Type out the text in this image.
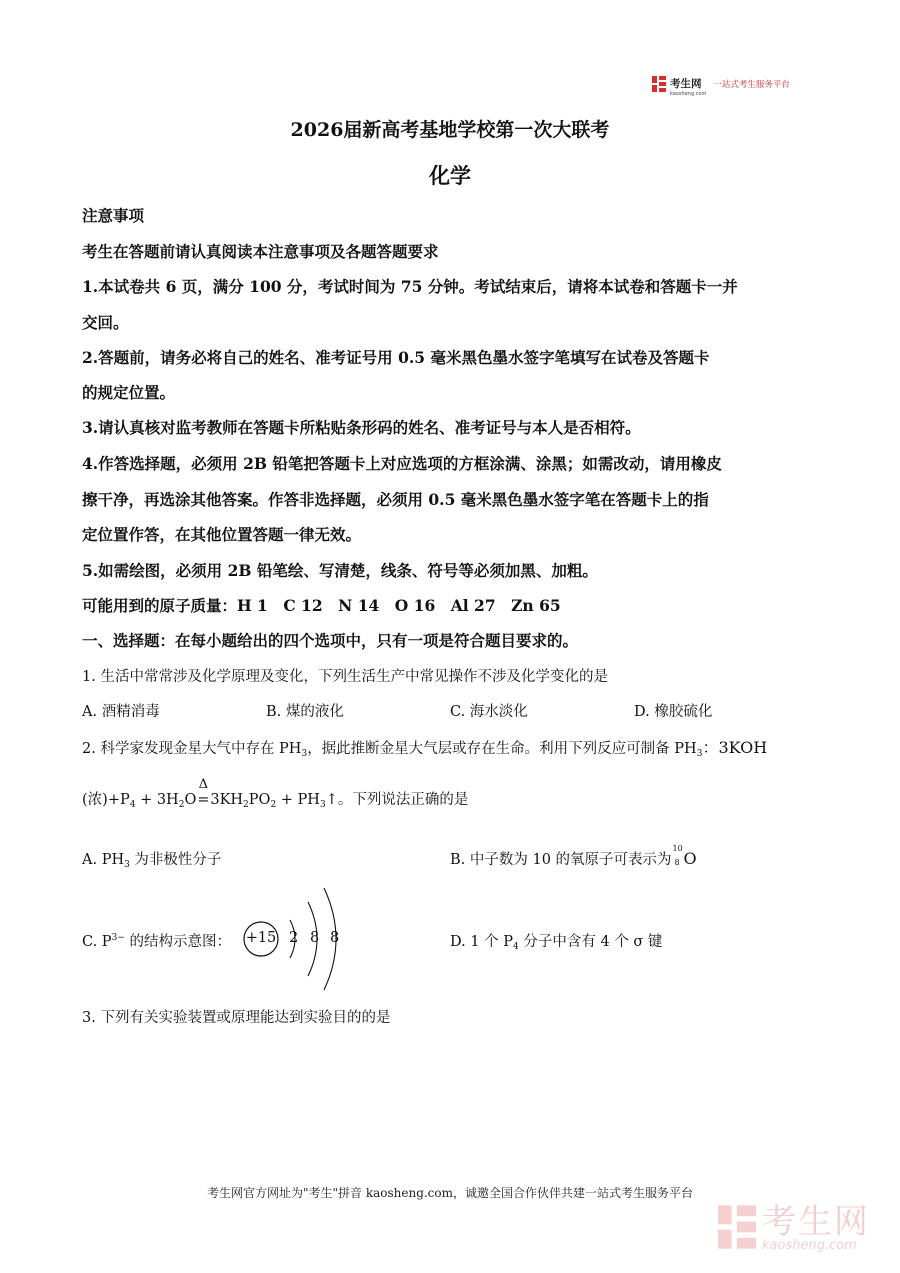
考生网
kaosheng.com
一站式考生服务平台
2026届新高考基地学校第一次大联考
化学
注意事项
考生在答题前请认真阅读本注意事项及各题答题要求
1.本试卷共 6 页，满分 100 分，考试时间为 75 分钟。考试结束后，请将本试卷和答题卡一并
交回。
2.答题前，请务必将自己的姓名、准考证号用 0.5 毫米黑色墨水签字笔填写在试卷及答题卡
的规定位置。
3.请认真核对监考教师在答题卡所粘贴条形码的姓名、准考证号与本人是否相符。
4.作答选择题，必须用 2B 铅笔把答题卡上对应选项的方框涂满、涂黑；如需改动，请用橡皮
擦干净，再选涂其他答案。作答非选择题，必须用 0.5 毫米黑色墨水签字笔在答题卡上的指
定位置作答，在其他位置答题一律无效。
5.如需绘图，必须用 2B 铅笔绘、写清楚，线条、符号等必须加黑、加粗。
可能用到的原子质量：H 1　C 12　N 14　O 16　Al 27　Zn 65
一、选择题：在每小题给出的四个选项中，只有一项是符合题目要求的。
1. 生活中常常涉及化学原理及变化，下列生活生产中常见操作不涉及化学变化的是
A. 酒精消毒	B. 煤的液化	C. 海水淡化	D. 橡胶硫化
2. 科学家发现金星大气中存在 $PH_3$，据此推断金星大气层或存在生命。利用下列反应可制备 $PH_3$：3KOH
(浓)$+P_4 + 3H_2O$
Δ
$=3KH_2PO_2$ + $PH_3↑$。下列说法正确的是
A. $PH_3$ 为非极性分子	B. 中子数为 10 的氧原子可表示为
10
8 O
C. $P^{3-}$ 的结构示意图： +15 2 8 8	D. 1 个 $P_4$ 分子中含有 4 个 σ 键
3. 下列有关实验装置或原理能达到实验目的的是
考生网官方网址为"考生"拼音 kaosheng.com，诚邀全国合作伙伴共建一站式考生服务平台
考生网
kaosheng.com
